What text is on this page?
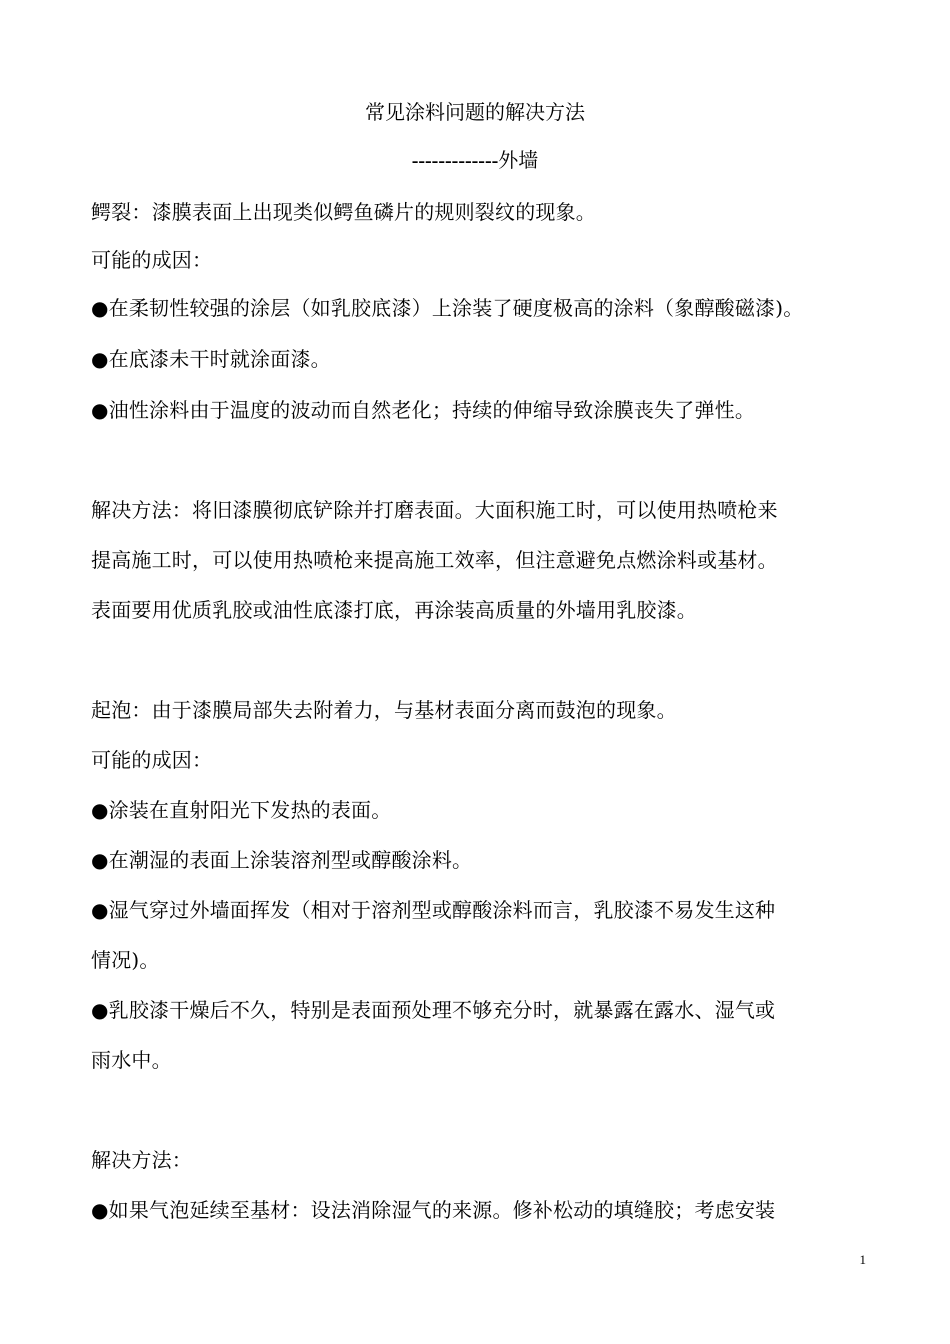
常见涂料问题的解决方法
-------------外墙
鳄裂：漆膜表面上出现类似鳄鱼磷片的规则裂纹的现象。
可能的成因：
●在柔韧性较强的涂层（如乳胶底漆）上涂装了硬度极高的涂料（象醇酸磁漆)。
●在底漆未干时就涂面漆。
●油性涂料由于温度的波动而自然老化；持续的伸缩导致涂膜丧失了弹性。
解决方法：将旧漆膜彻底铲除并打磨表面。大面积施工时，可以使用热喷枪来
提高施工时，可以使用热喷枪来提高施工效率，但注意避免点燃涂料或基材。
表面要用优质乳胶或油性底漆打底，再涂装高质量的外墙用乳胶漆。
起泡：由于漆膜局部失去附着力，与基材表面分离而鼓泡的现象。
可能的成因：
●涂装在直射阳光下发热的表面。
●在潮湿的表面上涂装溶剂型或醇酸涂料。
●湿气穿过外墙面挥发（相对于溶剂型或醇酸涂料而言，乳胶漆不易发生这种
情况)。
●乳胶漆干燥后不久，特别是表面预处理不够充分时，就暴露在露水、湿气或
雨水中。
解决方法：
●如果气泡延续至基材：设法消除湿气的来源。修补松动的填缝胶；考虑安装
1
